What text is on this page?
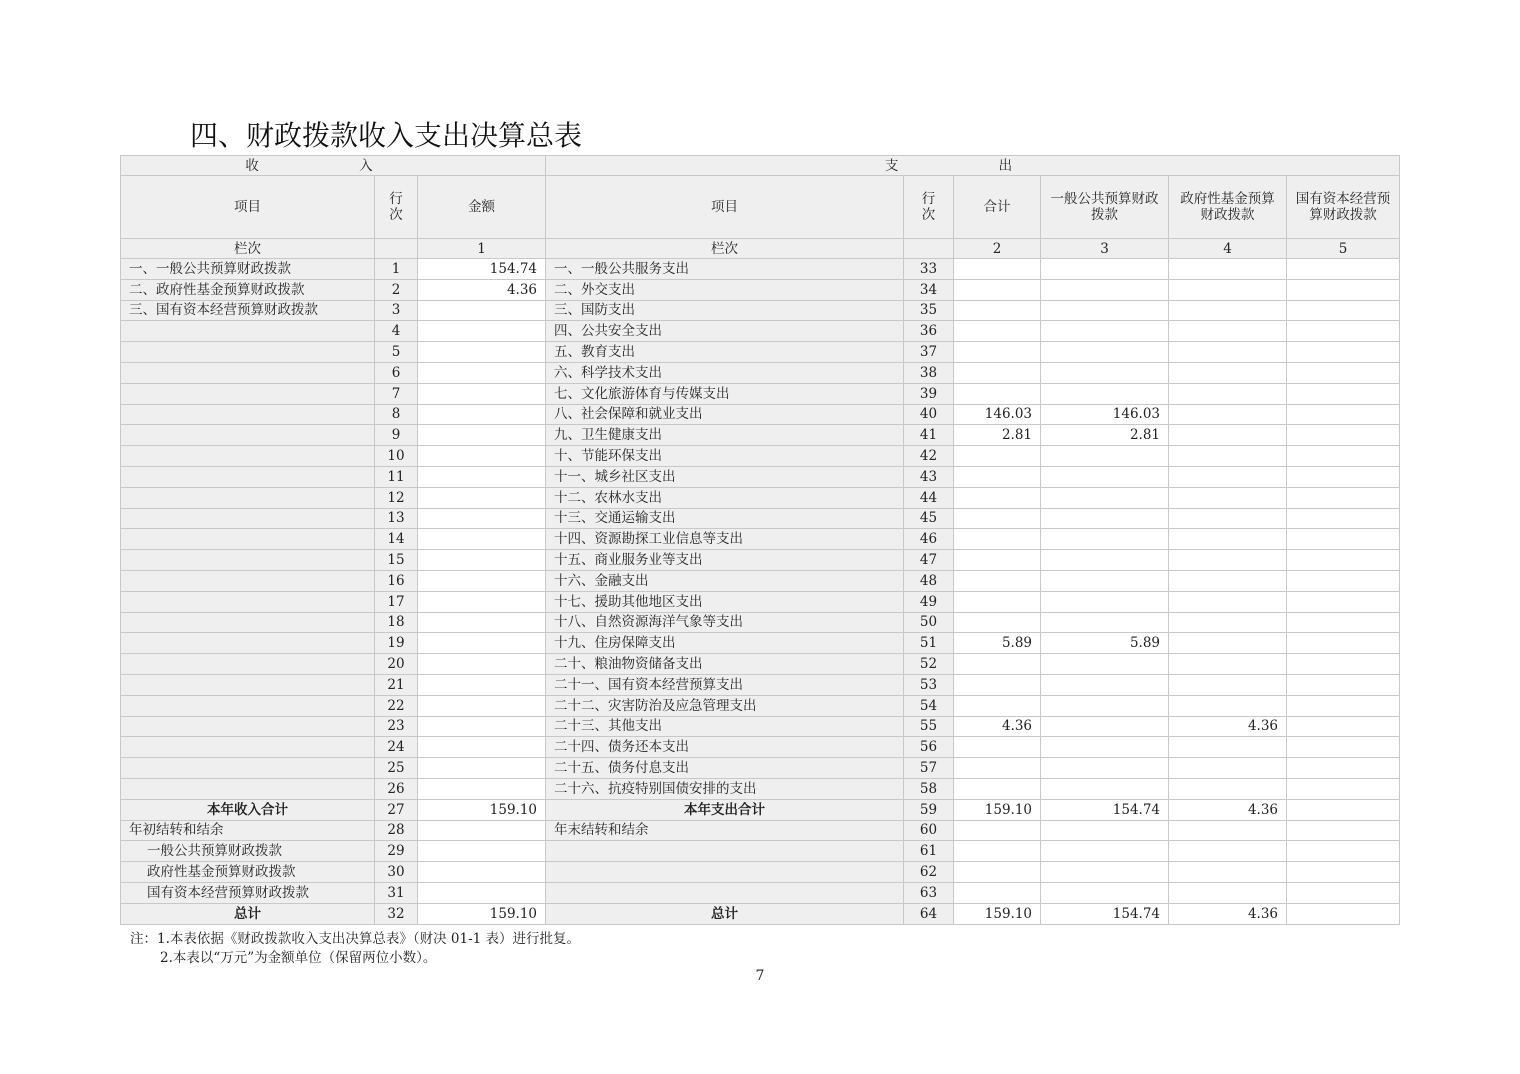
四、财政拨款收入支出决算总表
收 入			支 出					
项目	行次	金额	项目	行次	合计	一般公共预算财政拨款	政府性基金预算财政拨款	国有资本经营预算财政拨款
栏次		1	栏次		2	3	4	5
一、一般公共预算财政拨款	1	154.74	一、一般公共服务支出	33				
二、政府性基金预算财政拨款	2	4.36	二、外交支出	34				
三、国有资本经营预算财政拨款	3		三、国防支出	35				
	4		四、公共安全支出	36				
	5		五、教育支出	37				
	6		六、科学技术支出	38				
	7		七、文化旅游体育与传媒支出	39				
	8		八、社会保障和就业支出	40	146.03	146.03		
	9		九、卫生健康支出	41	2.81	2.81		
	10		十、节能环保支出	42				
	11		十一、城乡社区支出	43				
	12		十二、农林水支出	44				
	13		十三、交通运输支出	45				
	14		十四、资源勘探工业信息等支出	46				
	15		十五、商业服务业等支出	47				
	16		十六、金融支出	48				
	17		十七、援助其他地区支出	49				
	18		十八、自然资源海洋气象等支出	50				
	19		十九、住房保障支出	51	5.89	5.89		
	20		二十、粮油物资储备支出	52				
	21		二十一、国有资本经营预算支出	53				
	22		二十二、灾害防治及应急管理支出	54				
	23		二十三、其他支出	55	4.36		4.36	
	24		二十四、债务还本支出	56				
	25		二十五、债务付息支出	57				
	26		二十六、抗疫特别国债安排的支出	58				
本年收入合计	27	159.10	本年支出合计	59	159.10	154.74	4.36	
年初结转和结余	28		年末结转和结余	60				
一般公共预算财政拨款	29			61				
政府性基金预算财政拨款	30			62				
国有资本经营预算财政拨款	31			63				
总计	32	159.10	总计	64	159.10	154.74	4.36	
注：1.本表依据《财政拨款收入支出决算总表》（财决 01-1 表）进行批复。
2.本表以“万元”为金额单位（保留两位小数）。
7
